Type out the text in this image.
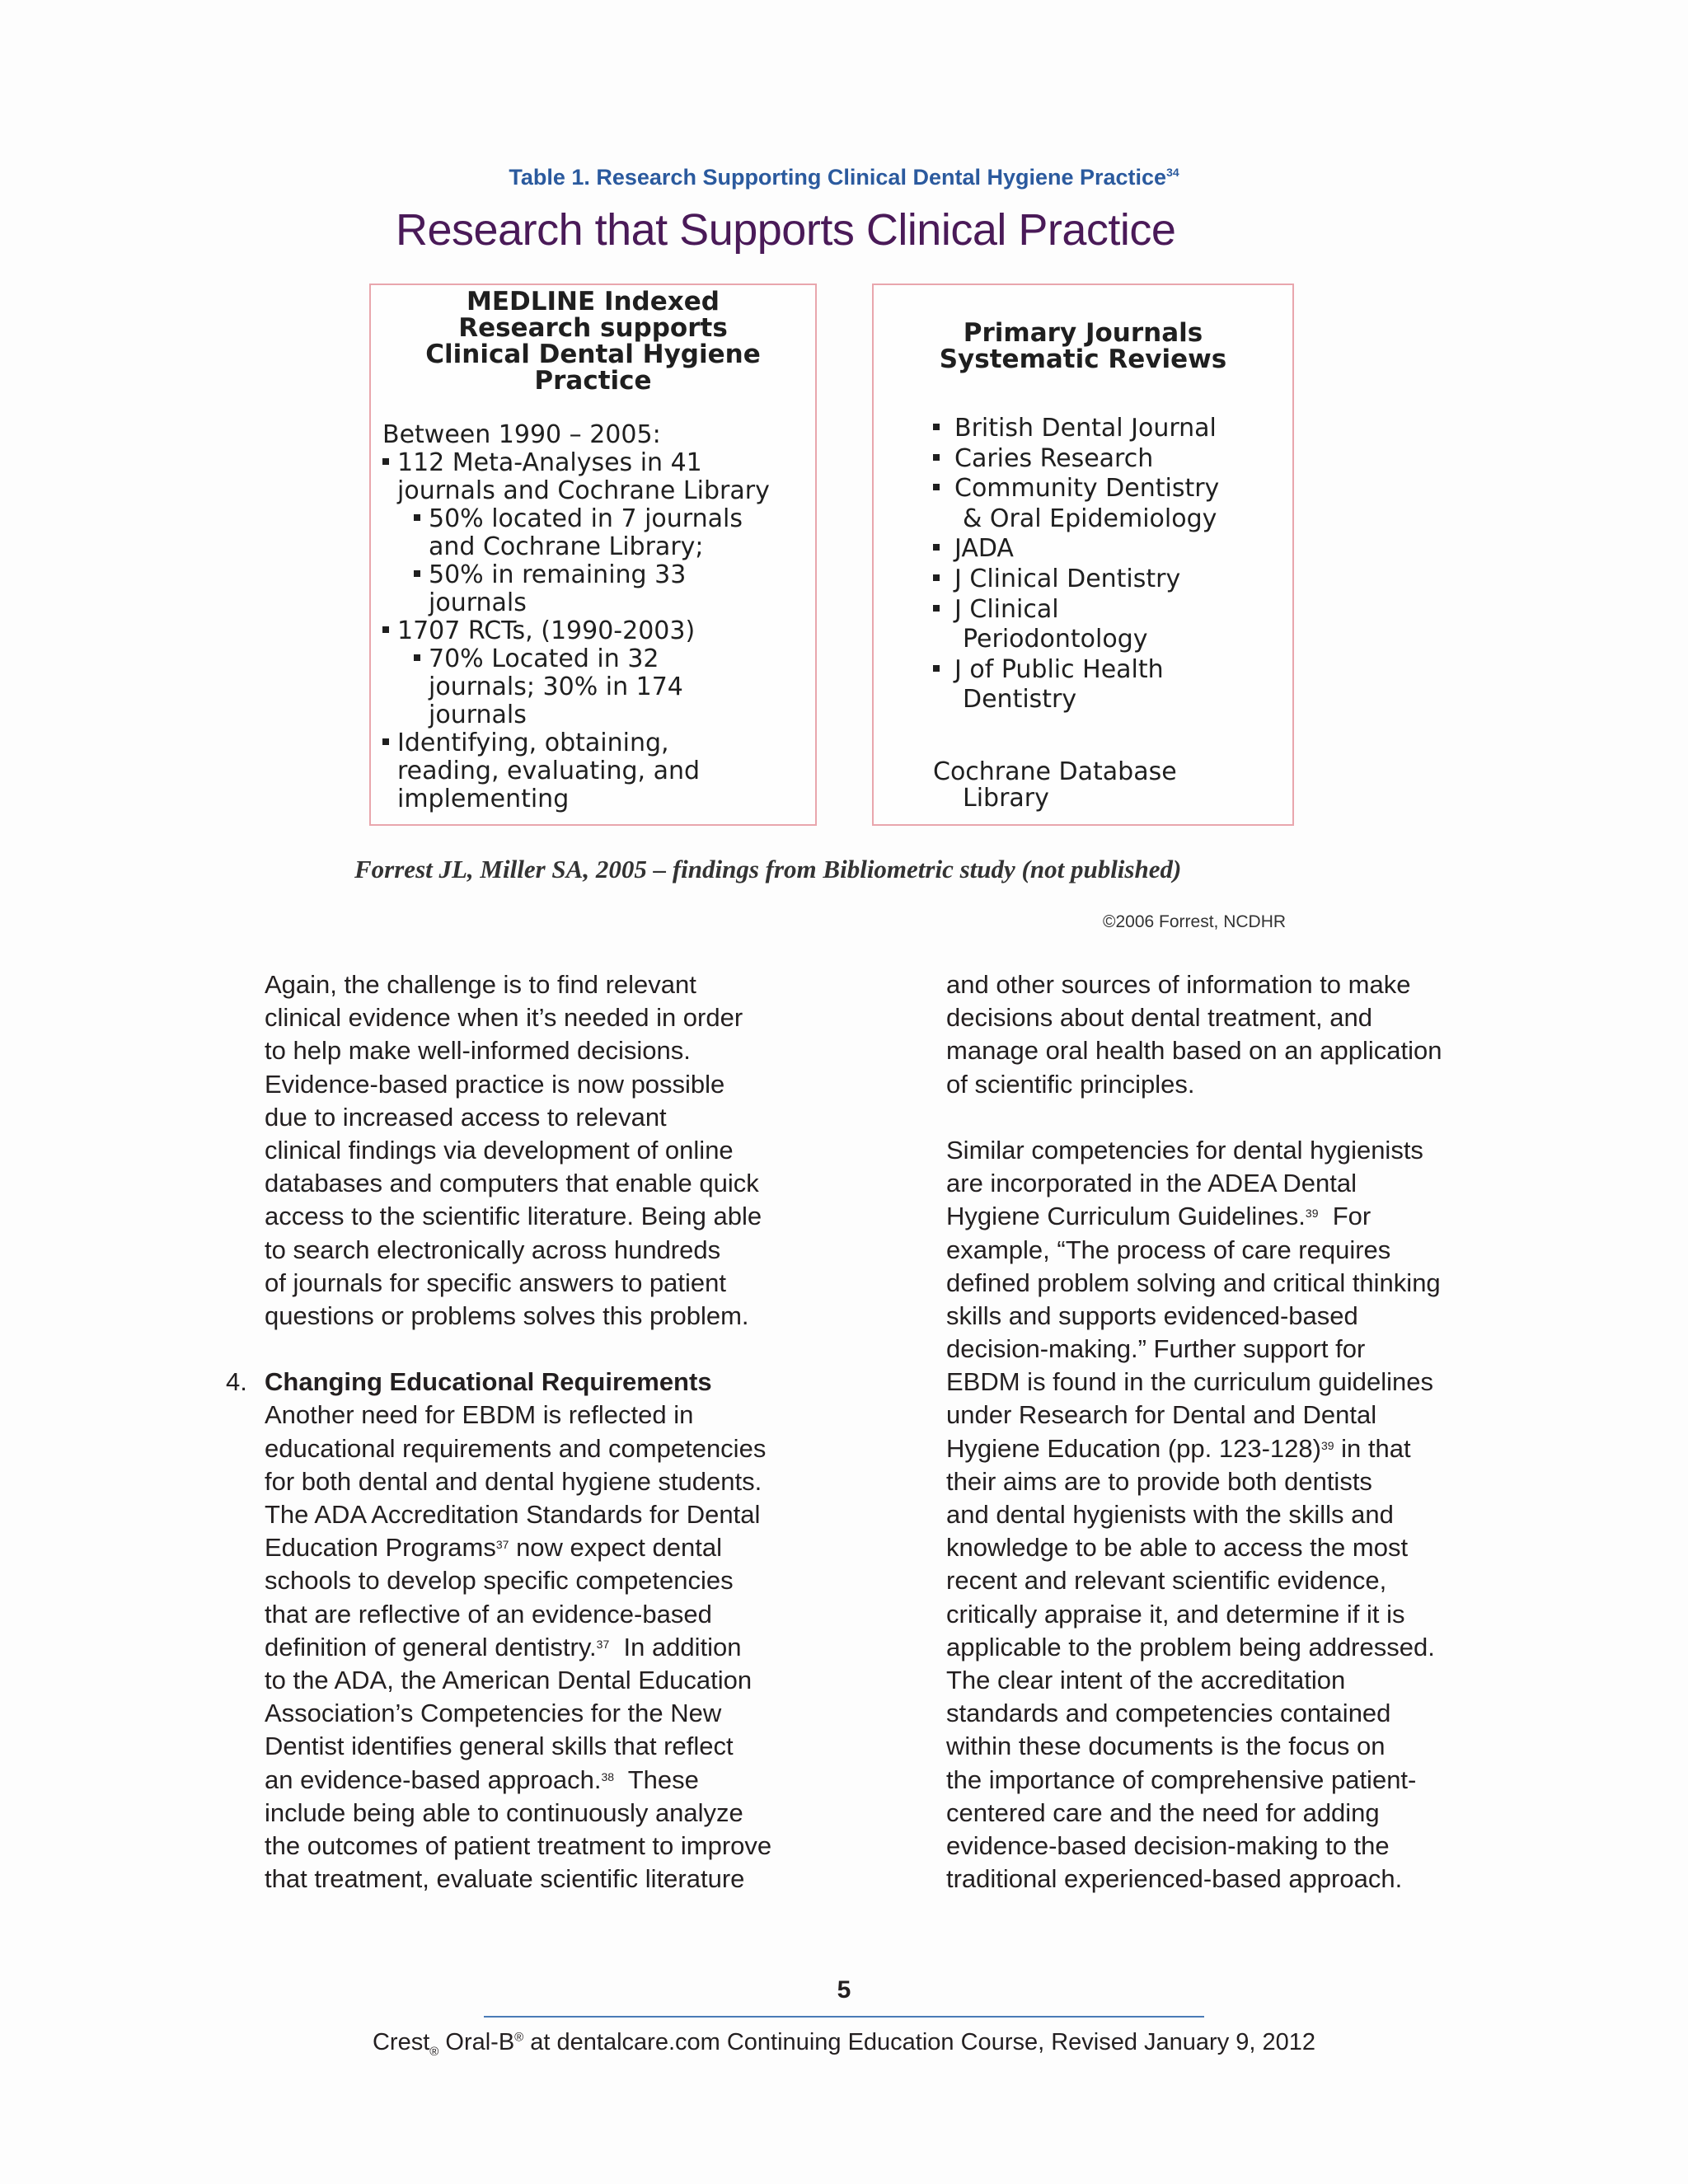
Table 1. Research Supporting Clinical Dental Hygiene Practice$^{34}$
Research that Supports Clinical Practice
MEDLINE Indexed
Research supports
Clinical Dental Hygiene
Practice
Between 1990 – 2005:
112 Meta-Analyses in 41
journals and Cochrane Library
50% located in 7 journals
and Cochrane Library;
50% in remaining 33
journals
1707 RCTs, (1990-2003)
70% Located in 32
journals; 30% in 174
journals
Identifying, obtaining,
reading, evaluating, and
implementing
Primary Journals
Systematic Reviews
British Dental Journal
Caries Research
Community Dentistry
& Oral Epidemiology
JADA
J Clinical Dentistry
J Clinical
Periodontology
J of Public Health
Dentistry
Cochrane Database
Library
Forrest JL, Miller SA, 2005 – findings from Bibliometric study (not published)
©2006 Forrest, NCDHR
Again, the challenge is to find relevant
clinical evidence when it’s needed in order
to help make well-informed decisions.
Evidence-based practice is now possible
due to increased access to relevant
clinical findings via development of online
databases and computers that enable quick
access to the scientific literature. Being able
to search electronically across hundreds
of journals for specific answers to patient
questions or problems solves this problem.
4. Changing Educational Requirements
Another need for EBDM is reflected in
educational requirements and competencies
for both dental and dental hygiene students.
The ADA Accreditation Standards for Dental
Education Programs$^{37}$ now expect dental
schools to develop specific competencies
that are reflective of an evidence-based
definition of general dentistry.$^{37}$  In addition
to the ADA, the American Dental Education
Association’s Competencies for the New
Dentist identifies general skills that reflect
an evidence-based approach.$^{38}$  These
include being able to continuously analyze
the outcomes of patient treatment to improve
that treatment, evaluate scientific literature
and other sources of information to make
decisions about dental treatment, and
manage oral health based on an application
of scientific principles.
Similar competencies for dental hygienists
are incorporated in the ADEA Dental
Hygiene Curriculum Guidelines.$^{39}$  For
example, “The process of care requires
defined problem solving and critical thinking
skills and supports evidenced-based
decision-making.” Further support for
EBDM is found in the curriculum guidelines
under Research for Dental and Dental
Hygiene Education (pp. 123-128)$^{39}$ in that
their aims are to provide both dentists
and dental hygienists with the skills and
knowledge to be able to access the most
recent and relevant scientific evidence,
critically appraise it, and determine if it is
applicable to the problem being addressed.
The clear intent of the accreditation
standards and competencies contained
within these documents is the focus on
the importance of comprehensive patient-
centered care and the need for adding
evidence-based decision-making to the
traditional experienced-based approach.
5
Crest$_®$ Oral-B® at dentalcare.com Continuing Education Course, Revised January 9, 2012
